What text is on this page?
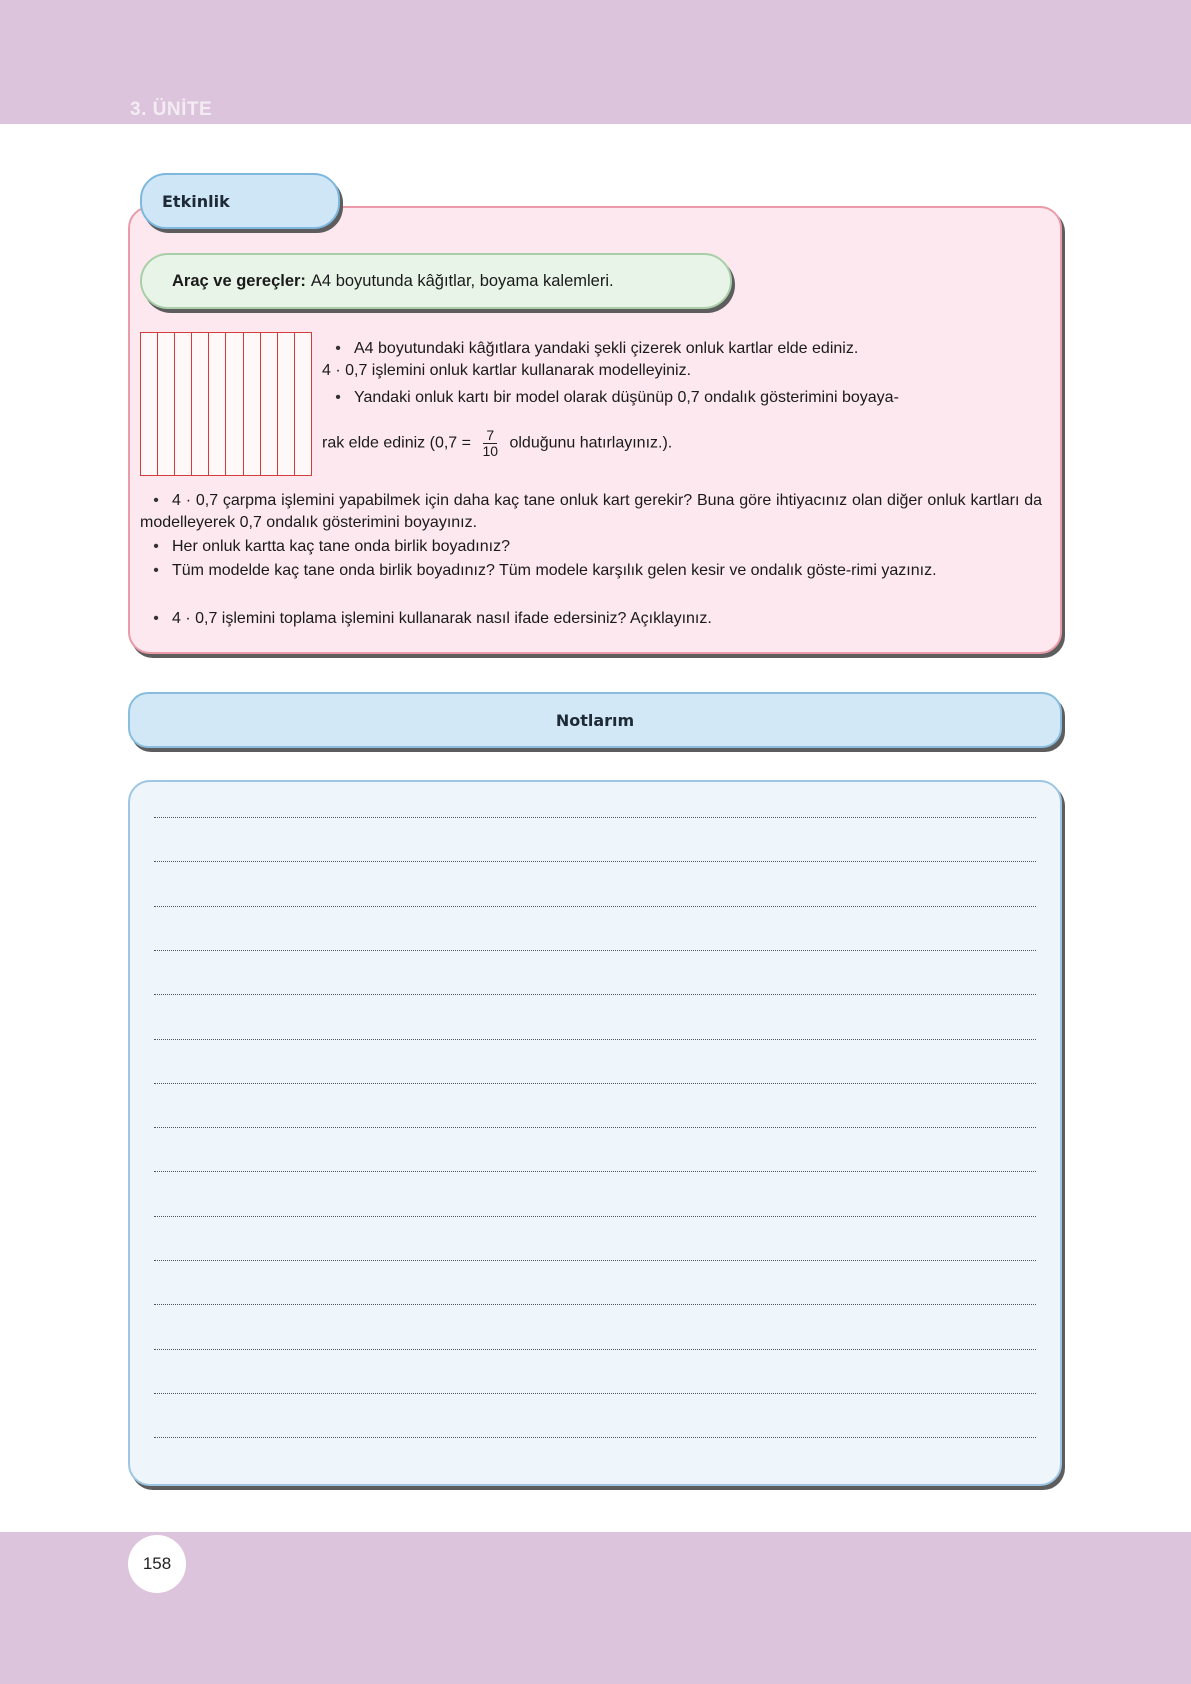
3. ÜNİTE
Etkinlik
Araç ve gereçler: A4 boyutunda kâğıtlar, boyama kalemleri.
• A4 boyutundaki kâğıtlara yandaki şekli çizerek onluk kartlar elde ediniz.
4 · 0,7 işlemini onluk kartlar kullanarak modelleyiniz.
• Yandaki onluk kartı bir model olarak düşünüp 0,7 ondalık gösterimini boyaya-
rak elde ediniz ($0,7 = \frac{7}{10}$ olduğunu hatırlayınız.).
• 4 · 0,7 çarpma işlemini yapabilmek için daha kaç tane onluk kart gerekir? Buna göre ihtiyacınız olan diğer onluk kartları da modelleyerek 0,7 ondalık gösterimini boyayınız.
• Her onluk kartta kaç tane onda birlik boyadınız?
• Tüm modelde kaç tane onda birlik boyadınız? Tüm modele karşılık gelen kesir ve ondalık göste-rimi yazınız.
• 4 · 0,7 işlemini toplama işlemini kullanarak nasıl ifade edersiniz? Açıklayınız.
Notlarım
158
